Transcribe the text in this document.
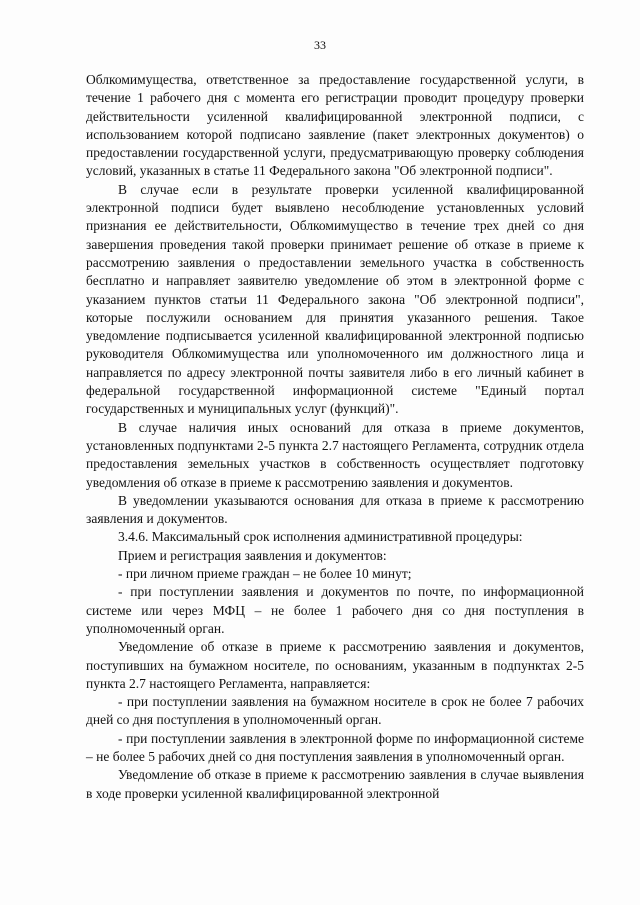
33

Облкомимущества, ответственное за предоставление государственной услуги, в течение 1 рабочего дня с момента его регистрации проводит процедуру проверки действительности усиленной квалифицированной электронной подписи, с использованием которой подписано заявление (пакет электронных документов) о предоставлении государственной услуги, предусматривающую проверку соблюдения условий, указанных в статье 11 Федерального закона "Об электронной подписи".

В случае если в результате проверки усиленной квалифицированной электронной подписи будет выявлено несоблюдение установленных условий признания ее действительности, Облкомимущество в течение трех дней со дня завершения проведения такой проверки принимает решение об отказе в приеме к рассмотрению заявления о предоставлении земельного участка в собственность бесплатно и направляет заявителю уведомление об этом в электронной форме с указанием пунктов статьи 11 Федерального закона "Об электронной подписи", которые послужили основанием для принятия указанного решения. Такое уведомление подписывается усиленной квалифицированной электронной подписью руководителя Облкомимущества или уполномоченного им должностного лица и направляется по адресу электронной почты заявителя либо в его личный кабинет в федеральной государственной информационной системе "Единый портал государственных и муниципальных услуг (функций)".

В случае наличия иных оснований для отказа в приеме документов, установленных подпунктами 2-5 пункта 2.7 настоящего Регламента, сотрудник отдела предоставления земельных участков в собственность осуществляет подготовку уведомления об отказе в приеме к рассмотрению заявления и документов.

В уведомлении указываются основания для отказа в приеме к рассмотрению заявления и документов.

3.4.6. Максимальный срок исполнения административной процедуры:

Прием и регистрация заявления и документов:

- при личном приеме граждан – не более 10 минут;

- при поступлении заявления и документов по почте, по информационной системе или через МФЦ – не более 1 рабочего дня со дня поступления в уполномоченный орган.

Уведомление об отказе в приеме к рассмотрению заявления и документов, поступивших на бумажном носителе, по основаниям, указанным в подпунктах 2-5 пункта 2.7 настоящего Регламента, направляется:

- при поступлении заявления на бумажном носителе в срок не более 7 рабочих дней со дня поступления в уполномоченный орган.

- при поступлении заявления в электронной форме по информационной системе – не более 5 рабочих дней со дня поступления заявления в уполномоченный орган.

Уведомление об отказе в приеме к рассмотрению заявления в случае выявления в ходе проверки усиленной квалифицированной электронной
